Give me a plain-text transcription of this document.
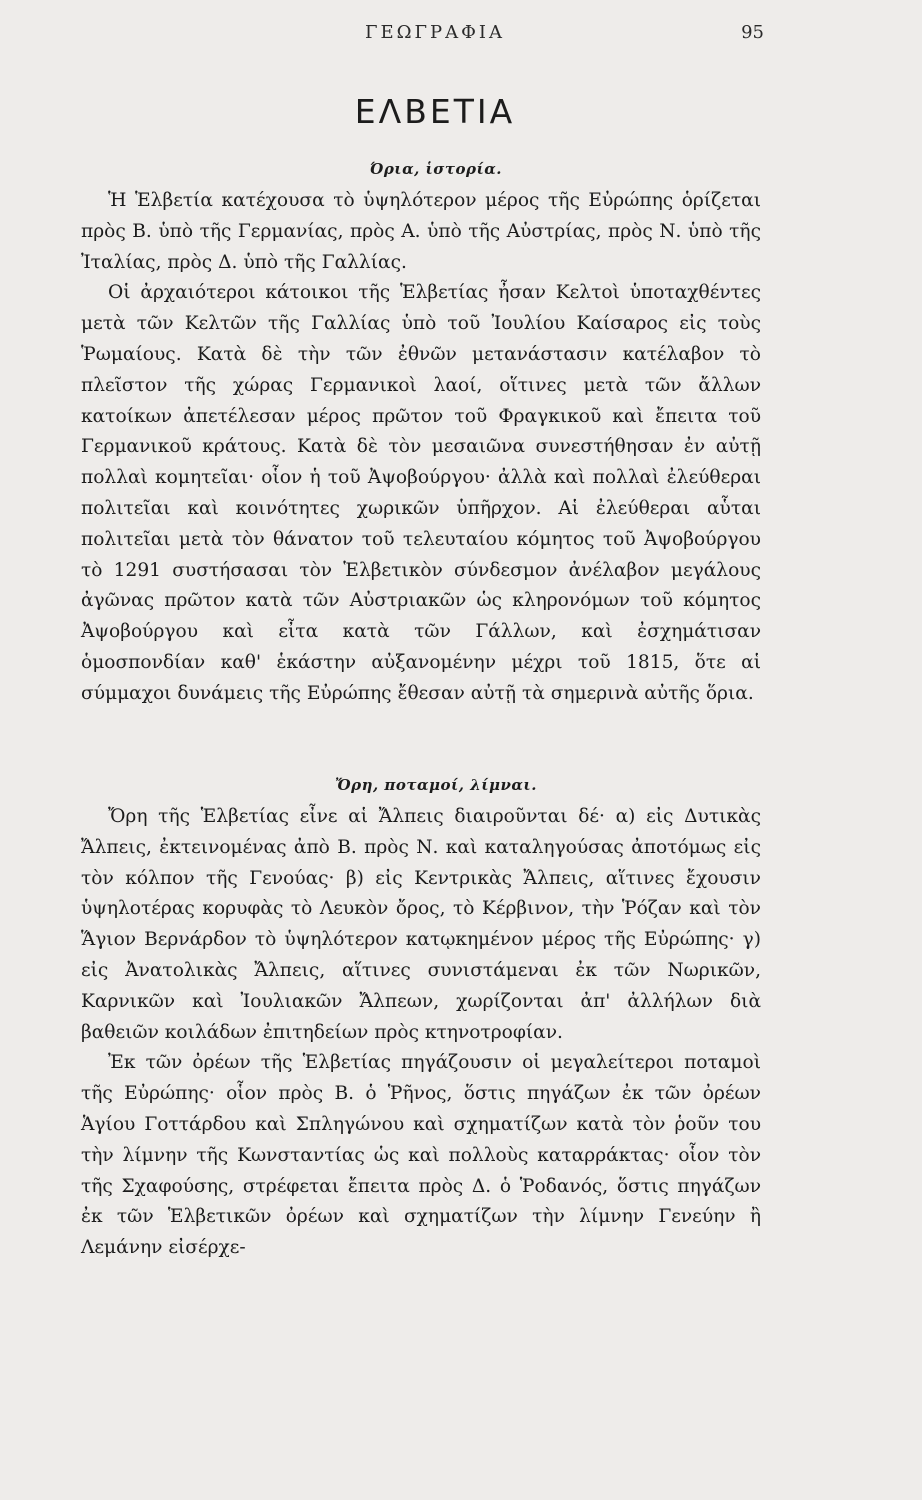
ΓΕΩΓΡΑΦΙΑ	95
ΕΛΒΕΤΙΑ
Όρια, ἱστορία.

Ἡ Ἑλβετία κατέχουσα τὸ ὑψηλότερον μέρος τῆς Εὐρώπης ὁρίζεται πρὸς Β. ὑπὸ τῆς Γερμανίας, πρὸς Α. ὑπὸ τῆς Αὐστρίας, πρὸς Ν. ὑπὸ τῆς Ἰταλίας, πρὸς Δ. ὑπὸ τῆς Γαλλίας.

Οἱ ἀρχαιότεροι κάτοικοι τῆς Ἑλβετίας ἦσαν Κελτοὶ ὑποταχθέντες μετὰ τῶν Κελτῶν τῆς Γαλλίας ὑπὸ τοῦ Ἰουλίου Καίσαρος εἰς τοὺς Ῥωμαίους. Κατὰ δὲ τὴν τῶν ἐθνῶν μετανάστασιν κατέλαβον τὸ πλεῖστον τῆς χώρας Γερμανικοὶ λαοί, οἵτινες μετὰ τῶν ἄλλων κατοίκων ἀπετέλεσαν μέρος πρῶτον τοῦ Φραγκικοῦ καὶ ἔπειτα τοῦ Γερμανικοῦ κράτους. Κατὰ δὲ τὸν μεσαιῶνα συνεστήθησαν ἐν αὐτῇ πολλαὶ κομητεῖαι· οἷον ἡ τοῦ Ἀψοβούργου· ἀλλὰ καὶ πολλαὶ ἐλεύθεραι πολιτεῖαι καὶ κοινότητες χωρικῶν ὑπῆρχον. Αἱ ἐλεύθεραι αὗται πολιτεῖαι μετὰ τὸν θάνατον τοῦ τελευταίου κόμητος τοῦ Ἀψοβούργου τὸ 1291 συστήσασαι τὸν Ἑλβετικὸν σύνδεσμον ἀνέλαβον μεγάλους ἀγῶνας πρῶτον κατὰ τῶν Αὐστριακῶν ὡς κληρονόμων τοῦ κόμητος Ἀψοβούργου καὶ εἶτα κατὰ τῶν Γάλλων, καὶ ἐσχημάτισαν ὁμοσπονδίαν καθ' ἑκάστην αὐξανομένην μέχρι τοῦ 1815, ὅτε αἱ σύμμαχοι δυνάμεις τῆς Εὐρώπης ἔθεσαν αὐτῇ τὰ σημερινὰ αὐτῆς ὅρια.

Ὄρη, ποταμοί, λίμναι.

Ὄρη τῆς Ἑλβετίας εἶνε αἱ Ἄλπεις διαιροῦνται δέ· α) εἰς Δυτικὰς Ἄλπεις, ἐκτεινομένας ἀπὸ Β. πρὸς Ν. καὶ καταληγούσας ἀποτόμως εἰς τὸν κόλπον τῆς Γενούας· β) εἰς Κεντρικὰς Ἄλπεις, αἵτινες ἔχουσιν ὑψηλοτέρας κορυφὰς τὸ Λευκὸν ὄρος, τὸ Κέρβινον, τὴν Ῥόζαν καὶ τὸν Ἅγιον Βερνάρδον τὸ ὑψηλότερον κατῳκημένον μέρος τῆς Εὐρώπης· γ) εἰς Ἀνατολικὰς Ἄλπεις, αἵτινες συνιστάμεναι ἐκ τῶν Νωρικῶν, Καρνικῶν καὶ Ἰουλιακῶν Ἄλπεων, χωρίζονται ἀπ' ἀλλήλων διὰ βαθειῶν κοιλάδων ἐπιτηδείων πρὸς κτηνοτροφίαν.

Ἐκ τῶν ὀρέων τῆς Ἑλβετίας πηγάζουσιν οἱ μεγαλείτεροι ποταμοὶ τῆς Εὐρώπης· οἷον πρὸς Β. ὁ Ῥῆνος, ὅστις πηγάζων ἐκ τῶν ὀρέων Ἁγίου Γοττάρδου καὶ Σπληγώνου καὶ σχηματίζων κατὰ τὸν ῥοῦν του τὴν λίμνην τῆς Κωνσταντίας ὡς καὶ πολλοὺς καταρράκτας· οἷον τὸν τῆς Σχαφούσης, στρέφεται ἔπειτα πρὸς Δ. ὁ Ῥοδανός, ὅστις πηγάζων ἐκ τῶν Ἑλβετικῶν ὀρέων καὶ σχηματίζων τὴν λίμνην Γενεύην ἢ Λεμάνην εἰσέρχε-
